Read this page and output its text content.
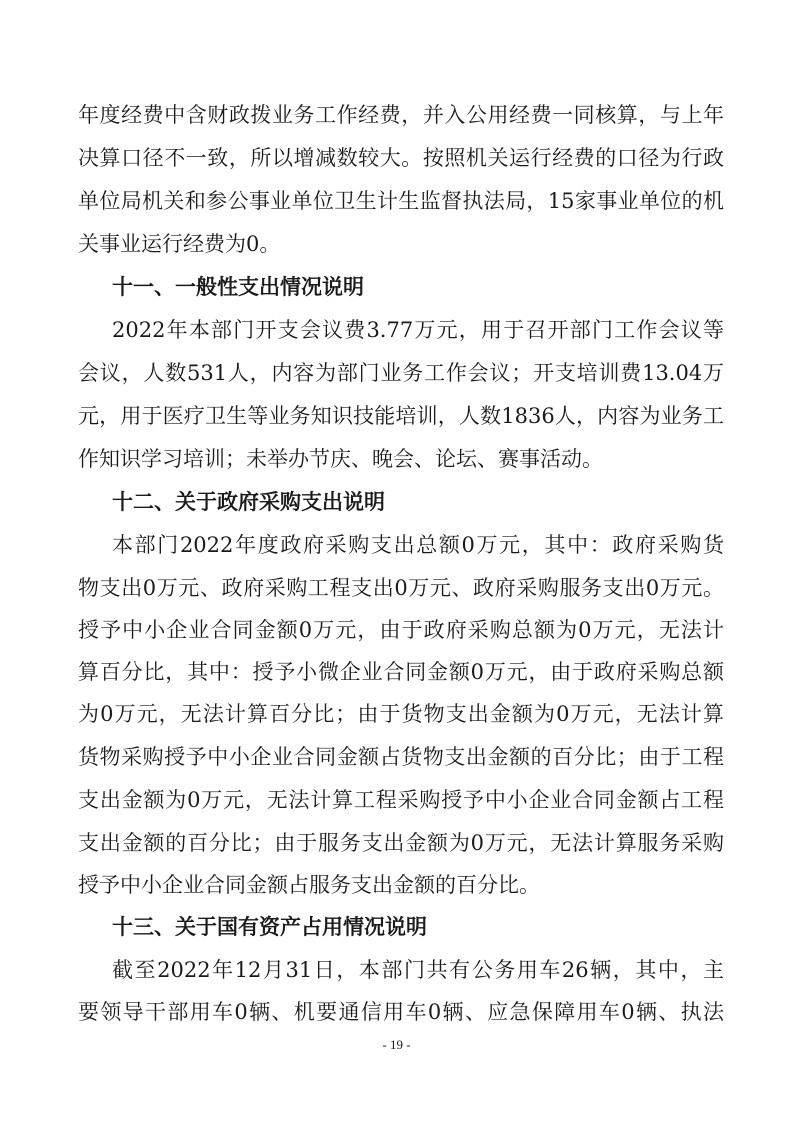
年度经费中含财政拨业务工作经费，并入公用经费一同核算，与上年
决算口径不一致，所以增减数较大。按照机关运行经费的口径为行政
单位局机关和参公事业单位卫生计生监督执法局，15家事业单位的机
关事业运行经费为0。
十一、一般性支出情况说明
2022年本部门开支会议费3.77万元，用于召开部门工作会议等
会议，人数531人，内容为部门业务工作会议；开支培训费13.04万
元，用于医疗卫生等业务知识技能培训，人数1836人，内容为业务工
作知识学习培训；未举办节庆、晚会、论坛、赛事活动。
十二、关于政府采购支出说明
本部门2022年度政府采购支出总额0万元，其中：政府采购货
物支出0万元、政府采购工程支出0万元、政府采购服务支出0万元。
授予中小企业合同金额0万元，由于政府采购总额为0万元，无法计
算百分比，其中：授予小微企业合同金额0万元，由于政府采购总额
为0万元，无法计算百分比；由于货物支出金额为0万元，无法计算
货物采购授予中小企业合同金额占货物支出金额的百分比；由于工程
支出金额为0万元，无法计算工程采购授予中小企业合同金额占工程
支出金额的百分比；由于服务支出金额为0万元，无法计算服务采购
授予中小企业合同金额占服务支出金额的百分比。
十三、关于国有资产占用情况说明
截至2022年12月31日，本部门共有公务用车26辆，其中，主
要领导干部用车0辆、机要通信用车0辆、应急保障用车0辆、执法
- 19 -
